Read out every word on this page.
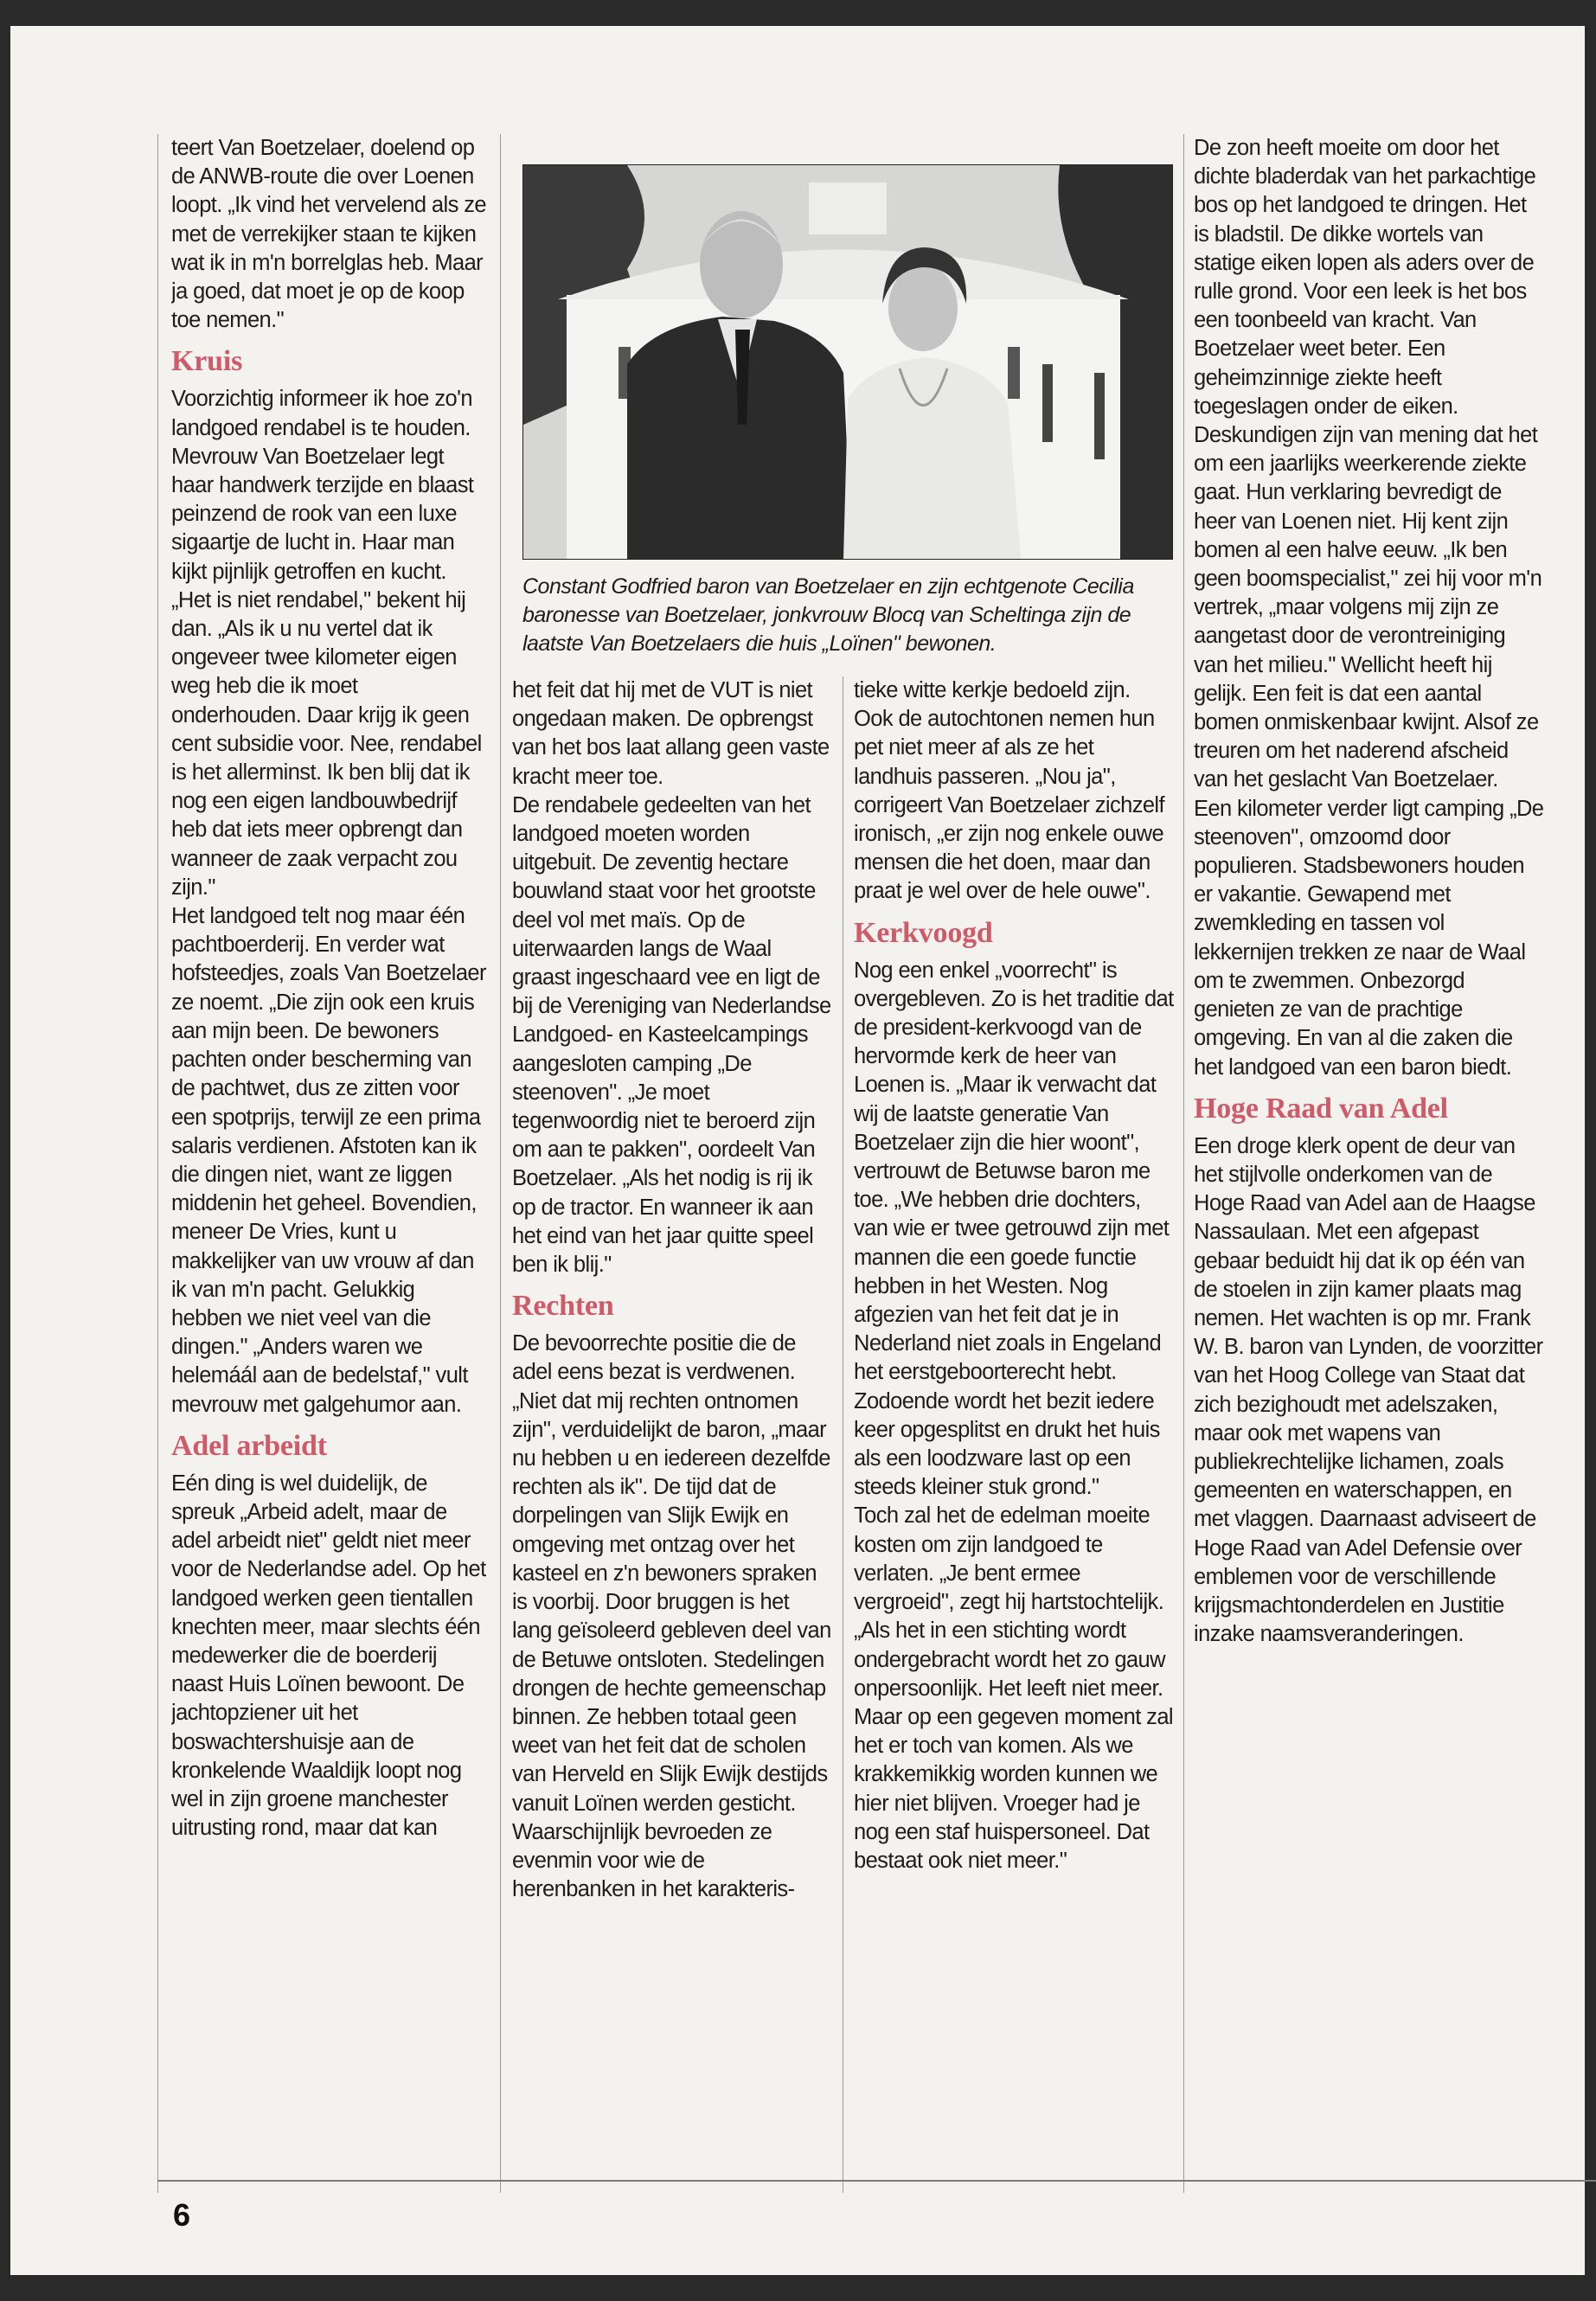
Constant Godfried baron van Boetzelaer en zijn echtgenote Cecilia baronesse van Boetzelaer, jonkvrouw Blocq van Scheltinga zijn de laatste Van Boetzelaers die huis „Loïnen" bewonen.

teert Van Boetzelaer, doelend op de ANWB-route die over Loenen loopt. „Ik vind het vervelend als ze met de verrekijker staan te kijken wat ik in m'n borrelglas heb. Maar ja goed, dat moet je op de koop toe nemen."

Kruis

Voorzichtig informeer ik hoe zo'n landgoed rendabel is te houden. Mevrouw Van Boetzelaer legt haar handwerk terzijde en blaast peinzend de rook van een luxe sigaartje de lucht in. Haar man kijkt pijnlijk getroffen en kucht. „Het is niet rendabel," bekent hij dan. „Als ik u nu vertel dat ik ongeveer twee kilometer eigen weg heb die ik moet onderhouden. Daar krijg ik geen cent subsidie voor. Nee, rendabel is het allerminst. Ik ben blij dat ik nog een eigen landbouwbedrijf heb dat iets meer opbrengt dan wanneer de zaak verpacht zou zijn."

Het landgoed telt nog maar één pachtboerderij. En verder wat hofsteedjes, zoals Van Boetzelaer ze noemt. „Die zijn ook een kruis aan mijn been. De bewoners pachten onder bescherming van de pachtwet, dus ze zitten voor een spotprijs, terwijl ze een prima salaris verdienen. Afstoten kan ik die dingen niet, want ze liggen middenin het geheel. Bovendien, meneer De Vries, kunt u makkelijker van uw vrouw af dan ik van m'n pacht. Gelukkig hebben we niet veel van die dingen." „Anders waren we helemáál aan de bedelstaf," vult mevrouw met galgehumor aan.

Adel arbeidt

Eén ding is wel duidelijk, de spreuk „Arbeid adelt, maar de adel arbeidt niet" geldt niet meer voor de Nederlandse adel. Op het landgoed werken geen tientallen knechten meer, maar slechts één medewerker die de boerderij naast Huis Loïnen bewoont. De jachtopziener uit het boswachtershuisje aan de kronkelende Waaldijk loopt nog wel in zijn groene manchester uitrusting rond, maar dat kan

het feit dat hij met de VUT is niet ongedaan maken. De opbrengst van het bos laat allang geen vaste kracht meer toe.

De rendabele gedeelten van het landgoed moeten worden uitgebuit. De zeventig hectare bouwland staat voor het grootste deel vol met maïs. Op de uiterwaarden langs de Waal graast ingeschaard vee en ligt de bij de Vereniging van Nederlandse Landgoed- en Kasteelcampings aangesloten camping „De steenoven". „Je moet tegenwoordig niet te beroerd zijn om aan te pakken", oordeelt Van Boetzelaer. „Als het nodig is rij ik op de tractor. En wanneer ik aan het eind van het jaar quitte speel ben ik blij."

Rechten

De bevoorrechte positie die de adel eens bezat is verdwenen. „Niet dat mij rechten ontnomen zijn", verduidelijkt de baron, „maar nu hebben u en iedereen dezelfde rechten als ik". De tijd dat de dorpelingen van Slijk Ewijk en omgeving met ontzag over het kasteel en z'n bewoners spraken is voorbij. Door bruggen is het lang geïsoleerd gebleven deel van de Betuwe ontsloten. Stedelingen drongen de hechte gemeenschap binnen. Ze hebben totaal geen weet van het feit dat de scholen van Herveld en Slijk Ewijk destijds vanuit Loïnen werden gesticht. Waarschijnlijk bevroeden ze evenmin voor wie de herenbanken in het karakteris-

tieke witte kerkje bedoeld zijn.

Ook de autochtonen nemen hun pet niet meer af als ze het landhuis passeren. „Nou ja", corrigeert Van Boetzelaer zichzelf ironisch, „er zijn nog enkele ouwe mensen die het doen, maar dan praat je wel over de hele ouwe".

Kerkvoogd

Nog een enkel „voorrecht" is overgebleven. Zo is het traditie dat de president-kerkvoogd van de hervormde kerk de heer van Loenen is. „Maar ik verwacht dat wij de laatste generatie Van Boetzelaer zijn die hier woont", vertrouwt de Betuwse baron me toe. „We hebben drie dochters, van wie er twee getrouwd zijn met mannen die een goede functie hebben in het Westen. Nog afgezien van het feit dat je in Nederland niet zoals in Engeland het eerstgeboorterecht hebt. Zodoende wordt het bezit iedere keer opgesplitst en drukt het huis als een loodzware last op een steeds kleiner stuk grond."

Toch zal het de edelman moeite kosten om zijn landgoed te verlaten. „Je bent ermee vergroeid", zegt hij hartstochtelijk. „Als het in een stichting wordt ondergebracht wordt het zo gauw onpersoonlijk. Het leeft niet meer. Maar op een gegeven moment zal het er toch van komen. Als we krakkemikkig worden kunnen we hier niet blijven. Vroeger had je nog een staf huispersoneel. Dat bestaat ook niet meer."

De zon heeft moeite om door het dichte bladerdak van het parkachtige bos op het landgoed te dringen. Het is bladstil. De dikke wortels van statige eiken lopen als aders over de rulle grond. Voor een leek is het bos een toonbeeld van kracht. Van Boetzelaer weet beter. Een geheimzinnige ziekte heeft toegeslagen onder de eiken. Deskundigen zijn van mening dat het om een jaarlijks weerkerende ziekte gaat. Hun verklaring bevredigt de heer van Loenen niet. Hij kent zijn bomen al een halve eeuw. „Ik ben geen boomspecialist," zei hij voor m'n vertrek, „maar volgens mij zijn ze aangetast door de verontreiniging van het milieu." Wellicht heeft hij gelijk. Een feit is dat een aantal bomen onmiskenbaar kwijnt. Alsof ze treuren om het naderend afscheid van het geslacht Van Boetzelaer.

Een kilometer verder ligt camping „De steenoven", omzoomd door populieren. Stadsbewoners houden er vakantie. Gewapend met zwemkleding en tassen vol lekkernijen trekken ze naar de Waal om te zwemmen. Onbezorgd genieten ze van de prachtige omgeving. En van al die zaken die het landgoed van een baron biedt.

Hoge Raad van Adel

Een droge klerk opent de deur van het stijlvolle onderkomen van de Hoge Raad van Adel aan de Haagse Nassaulaan. Met een afgepast gebaar beduidt hij dat ik op één van de stoelen in zijn kamer plaats mag nemen. Het wachten is op mr. Frank W. B. baron van Lynden, de voorzitter van het Hoog College van Staat dat zich bezighoudt met adelszaken, maar ook met wapens van publiekrechtelijke lichamen, zoals gemeenten en waterschappen, en met vlaggen. Daarnaast adviseert de Hoge Raad van Adel Defensie over emblemen voor de verschillende krijgsmachtonderdelen en Justitie inzake naamsveranderingen.

6
